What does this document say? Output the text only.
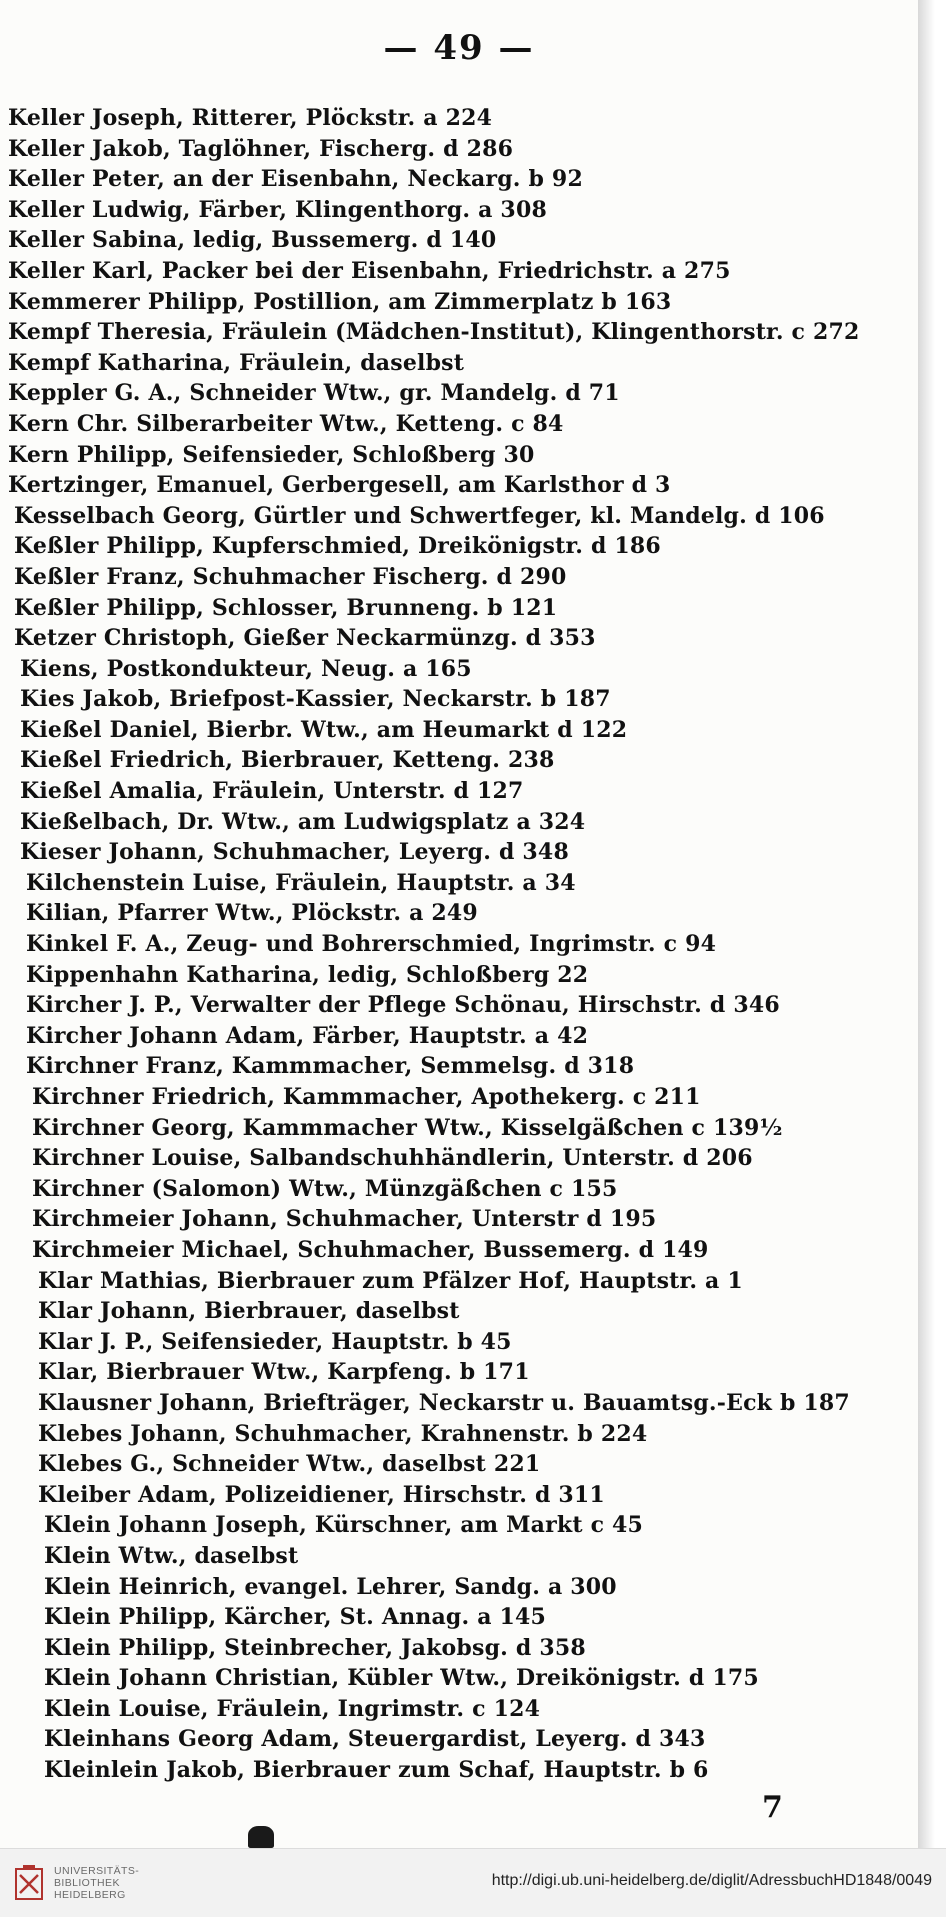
— 49 —
Keller Joseph, Ritterer, Plöckstr. a 224
Keller Jakob, Taglöhner, Fischerg. d 286
Keller Peter, an der Eisenbahn, Neckarg. b 92
Keller Ludwig, Färber, Klingenthorg. a 308
Keller Sabina, ledig, Bussemerg. d 140
Keller Karl, Packer bei der Eisenbahn, Friedrichstr. a 275
Kemmerer Philipp, Postillion, am Zimmerplatz b 163
Kempf Theresia, Fräulein (Mädchen-Institut), Klingenthorstr. c 272
Kempf Katharina, Fräulein, daselbst
Keppler G. A., Schneider Wtw., gr. Mandelg. d 71
Kern Chr. Silberarbeiter Wtw., Ketteng. c 84
Kern Philipp, Seifensieder, Schloßberg 30
Kertzinger, Emanuel, Gerbergesell, am Karlsthor d 3
Kesselbach Georg, Gürtler und Schwertfeger, kl. Mandelg. d 106
Keßler Philipp, Kupferschmied, Dreikönigstr. d 186
Keßler Franz, Schuhmacher Fischerg. d 290
Keßler Philipp, Schlosser, Brunneng. b 121
Ketzer Christoph, Gießer Neckarmünzg. d 353
Kiens, Postkondukteur, Neug. a 165
Kies Jakob, Briefpost-Kassier, Neckarstr. b 187
Kießel Daniel, Bierbr. Wtw., am Heumarkt d 122
Kießel Friedrich, Bierbrauer, Ketteng. 238
Kießel Amalia, Fräulein, Unterstr. d 127
Kießelbach, Dr. Wtw., am Ludwigsplatz a 324
Kieser Johann, Schuhmacher, Leyerg. d 348
Kilchenstein Luise, Fräulein, Hauptstr. a 34
Kilian, Pfarrer Wtw., Plöckstr. a 249
Kinkel F. A., Zeug- und Bohrerschmied, Ingrimstr. c 94
Kippenhahn Katharina, ledig, Schloßberg 22
Kircher J. P., Verwalter der Pflege Schönau, Hirschstr. d 346
Kircher Johann Adam, Färber, Hauptstr. a 42
Kirchner Franz, Kammmacher, Semmelsg. d 318
Kirchner Friedrich, Kammmacher, Apothekerg. c 211
Kirchner Georg, Kammmacher Wtw., Kisselgäßchen c 139½
Kirchner Louise, Salbandschuhhändlerin, Unterstr. d 206
Kirchner (Salomon) Wtw., Münzgäßchen c 155
Kirchmeier Johann, Schuhmacher, Unterstr d 195
Kirchmeier Michael, Schuhmacher, Bussemerg. d 149
Klar Mathias, Bierbrauer zum Pfälzer Hof, Hauptstr. a 1
Klar Johann, Bierbrauer, daselbst
Klar J. P., Seifensieder, Hauptstr. b 45
Klar, Bierbrauer Wtw., Karpfeng. b 171
Klausner Johann, Briefträger, Neckarstr u. Bauamtsg.-Eck b 187
Klebes Johann, Schuhmacher, Krahnenstr. b 224
Klebes G., Schneider Wtw., daselbst 221
Kleiber Adam, Polizeidiener, Hirschstr. d 311
Klein Johann Joseph, Kürschner, am Markt c 45
Klein Wtw., daselbst
Klein Heinrich, evangel. Lehrer, Sandg. a 300
Klein Philipp, Kärcher, St. Annag. a 145
Klein Philipp, Steinbrecher, Jakobsg. d 358
Klein Johann Christian, Kübler Wtw., Dreikönigstr. d 175
Klein Louise, Fräulein, Ingrimstr. c 124
Kleinhans Georg Adam, Steuergardist, Leyerg. d 343
Kleinlein Jakob, Bierbrauer zum Schaf, Hauptstr. b 6
7
UNIVERSITÄTS-
BIBLIOTHEK
HEIDELBERG
http://digi.ub.uni-heidelberg.de/diglit/AdressbuchHD1848/0049
